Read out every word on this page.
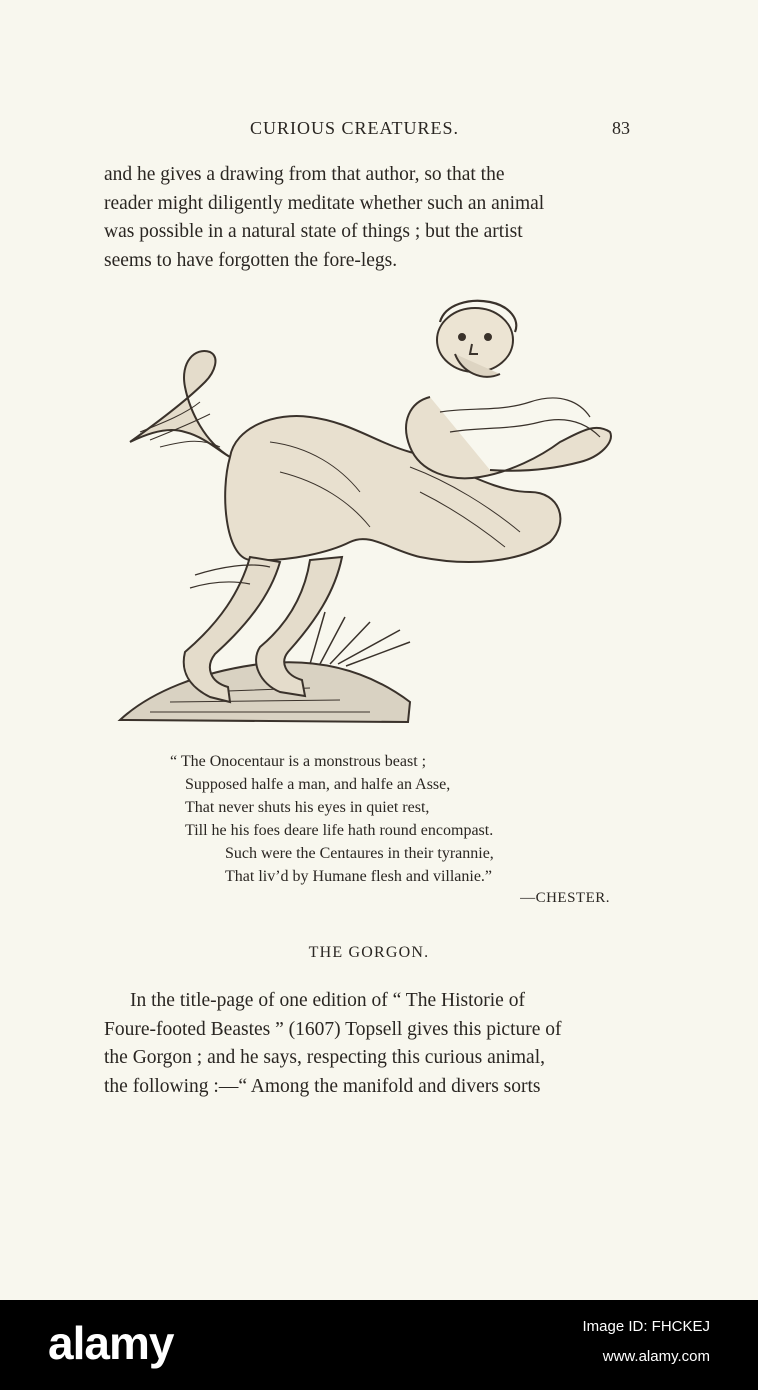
CURIOUS CREATURES.	83
and he gives a drawing from that author, so that the
reader might diligently meditate whether such an animal
was possible in a natural state of things ; but the artist
seems to have forgotten the fore-legs.
“ The Onocentaur is a monstrous beast ;
Supposed halfe a man, and halfe an Asse,
That never shuts his eyes in quiet rest,
Till he his foes deare life hath round encompast.
Such were the Centaures in their tyrannie,
That liv’d by Humane flesh and villanie.”
—CHESTER.
THE GORGON.
In the title-page of one edition of “ The Historie of
Foure-footed Beastes ” (1607) Topsell gives this picture of
the Gorgon ; and he says, respecting this curious animal,
the following :—“ Among the manifold and divers sorts
alamy	Image ID: FHCKEJ
www.alamy.com
